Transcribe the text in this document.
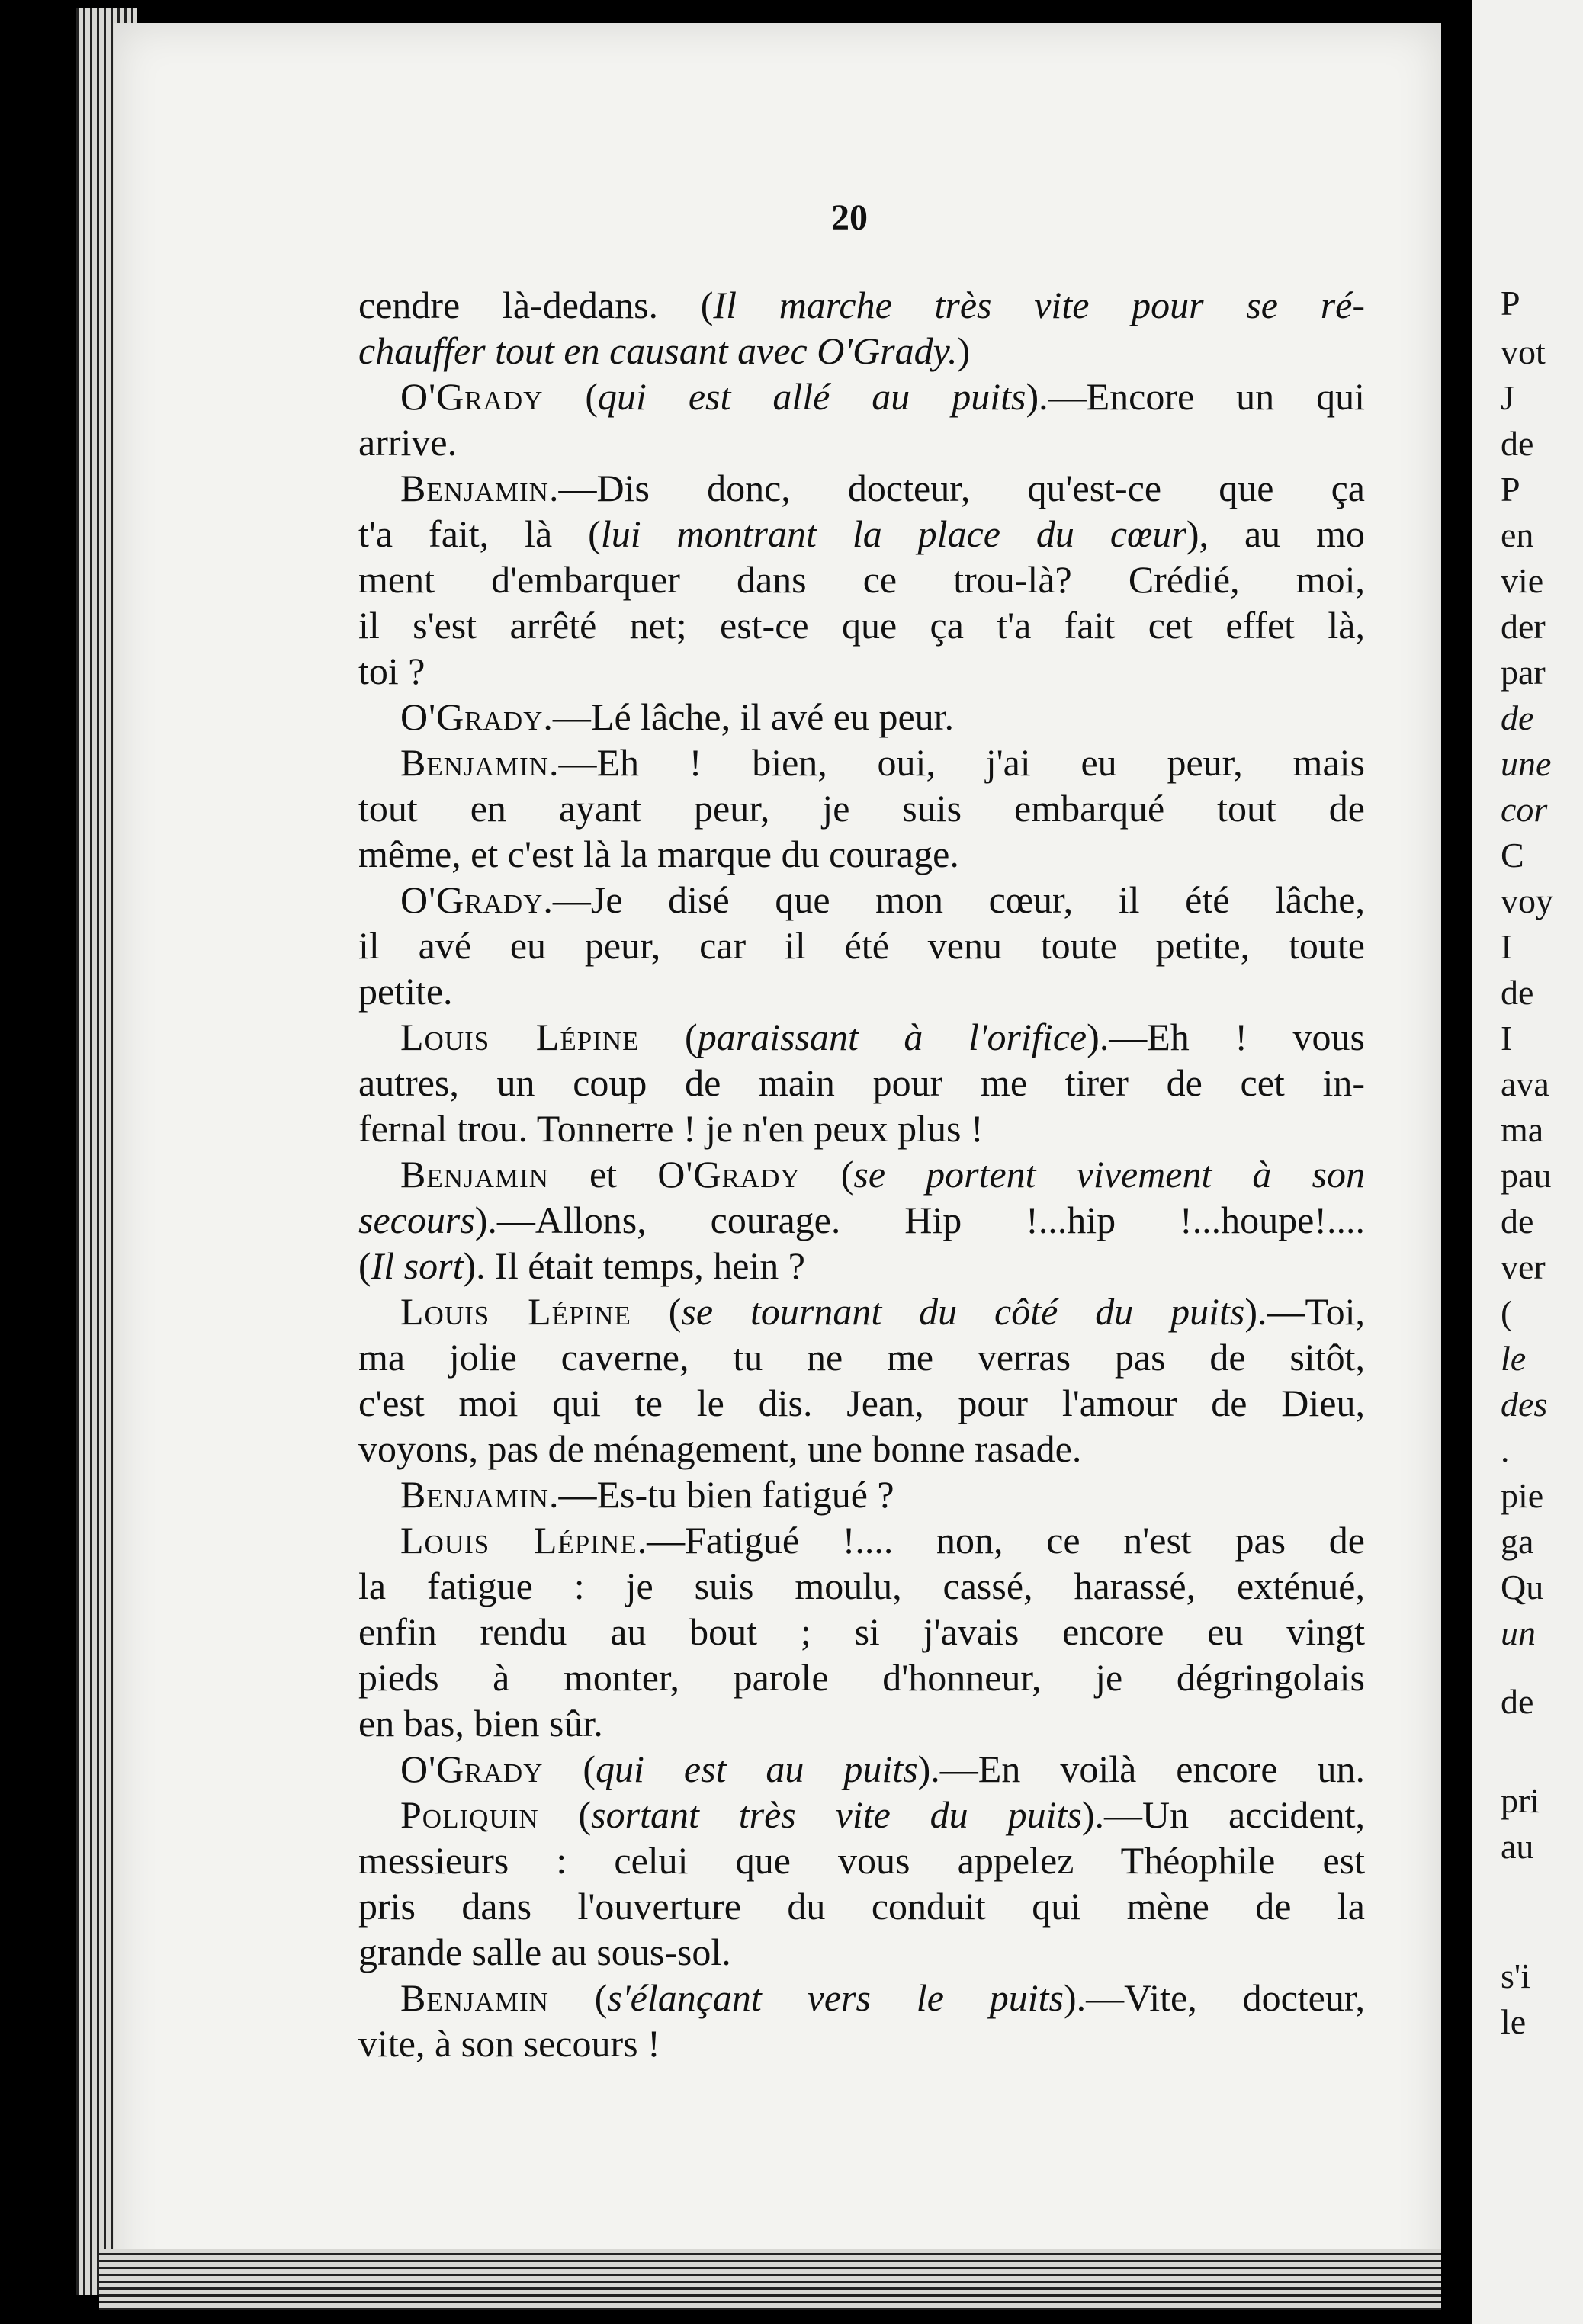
P
vot
J
de
P
en
vie
der
par
de
une
cor
C
voy
I
de
I
ava
ma
pau
de
ver
(
le
des
.
pie
ga
Qu
un
de
pri
au
s'i
le
20
cendre là-dedans. (Il marche très vite pour se ré-
chauffer tout en causant avec O'Grady.)
O'Grady (qui est allé au puits).—Encore un qui
arrive.
Benjamin.—Dis donc, docteur, qu'est-ce que ça
t'a fait, là (lui montrant la place du cœur), au mo
ment d'embarquer dans ce trou-là? Crédié, moi,
il s'est arrêté net; est-ce que ça t'a fait cet effet là,
toi ?
O'Grady.—Lé lâche, il avé eu peur.
Benjamin.—Eh ! bien, oui, j'ai eu peur, mais
tout en ayant peur, je suis embarqué tout de
même, et c'est là la marque du courage.
O'Grady.—Je disé que mon cœur, il été lâche,
il avé eu peur, car il été venu toute petite, toute
petite.
Louis Lépine (paraissant à l'orifice).—Eh ! vous
autres, un coup de main pour me tirer de cet in-
fernal trou. Tonnerre ! je n'en peux plus !
Benjamin et O'Grady (se portent vivement à son
secours).—Allons, courage. Hip !...hip !...houpe!....
(Il sort). Il était temps, hein ?
Louis Lépine (se tournant du côté du puits).—Toi,
ma jolie caverne, tu ne me verras pas de sitôt,
c'est moi qui te le dis. Jean, pour l'amour de Dieu,
voyons, pas de ménagement, une bonne rasade.
Benjamin.—Es-tu bien fatigué ?
Louis Lépine.—Fatigué !.... non, ce n'est pas de
la fatigue : je suis moulu, cassé, harassé, exténué,
enfin rendu au bout ; si j'avais encore eu vingt
pieds à monter, parole d'honneur, je dégringolais
en bas, bien sûr.
O'Grady (qui est au puits).—En voilà encore un.
Poliquin (sortant très vite du puits).—Un accident,
messieurs : celui que vous appelez Théophile est
pris dans l'ouverture du conduit qui mène de la
grande salle au sous-sol.
Benjamin (s'élançant vers le puits).—Vite, docteur,
vite, à son secours !
